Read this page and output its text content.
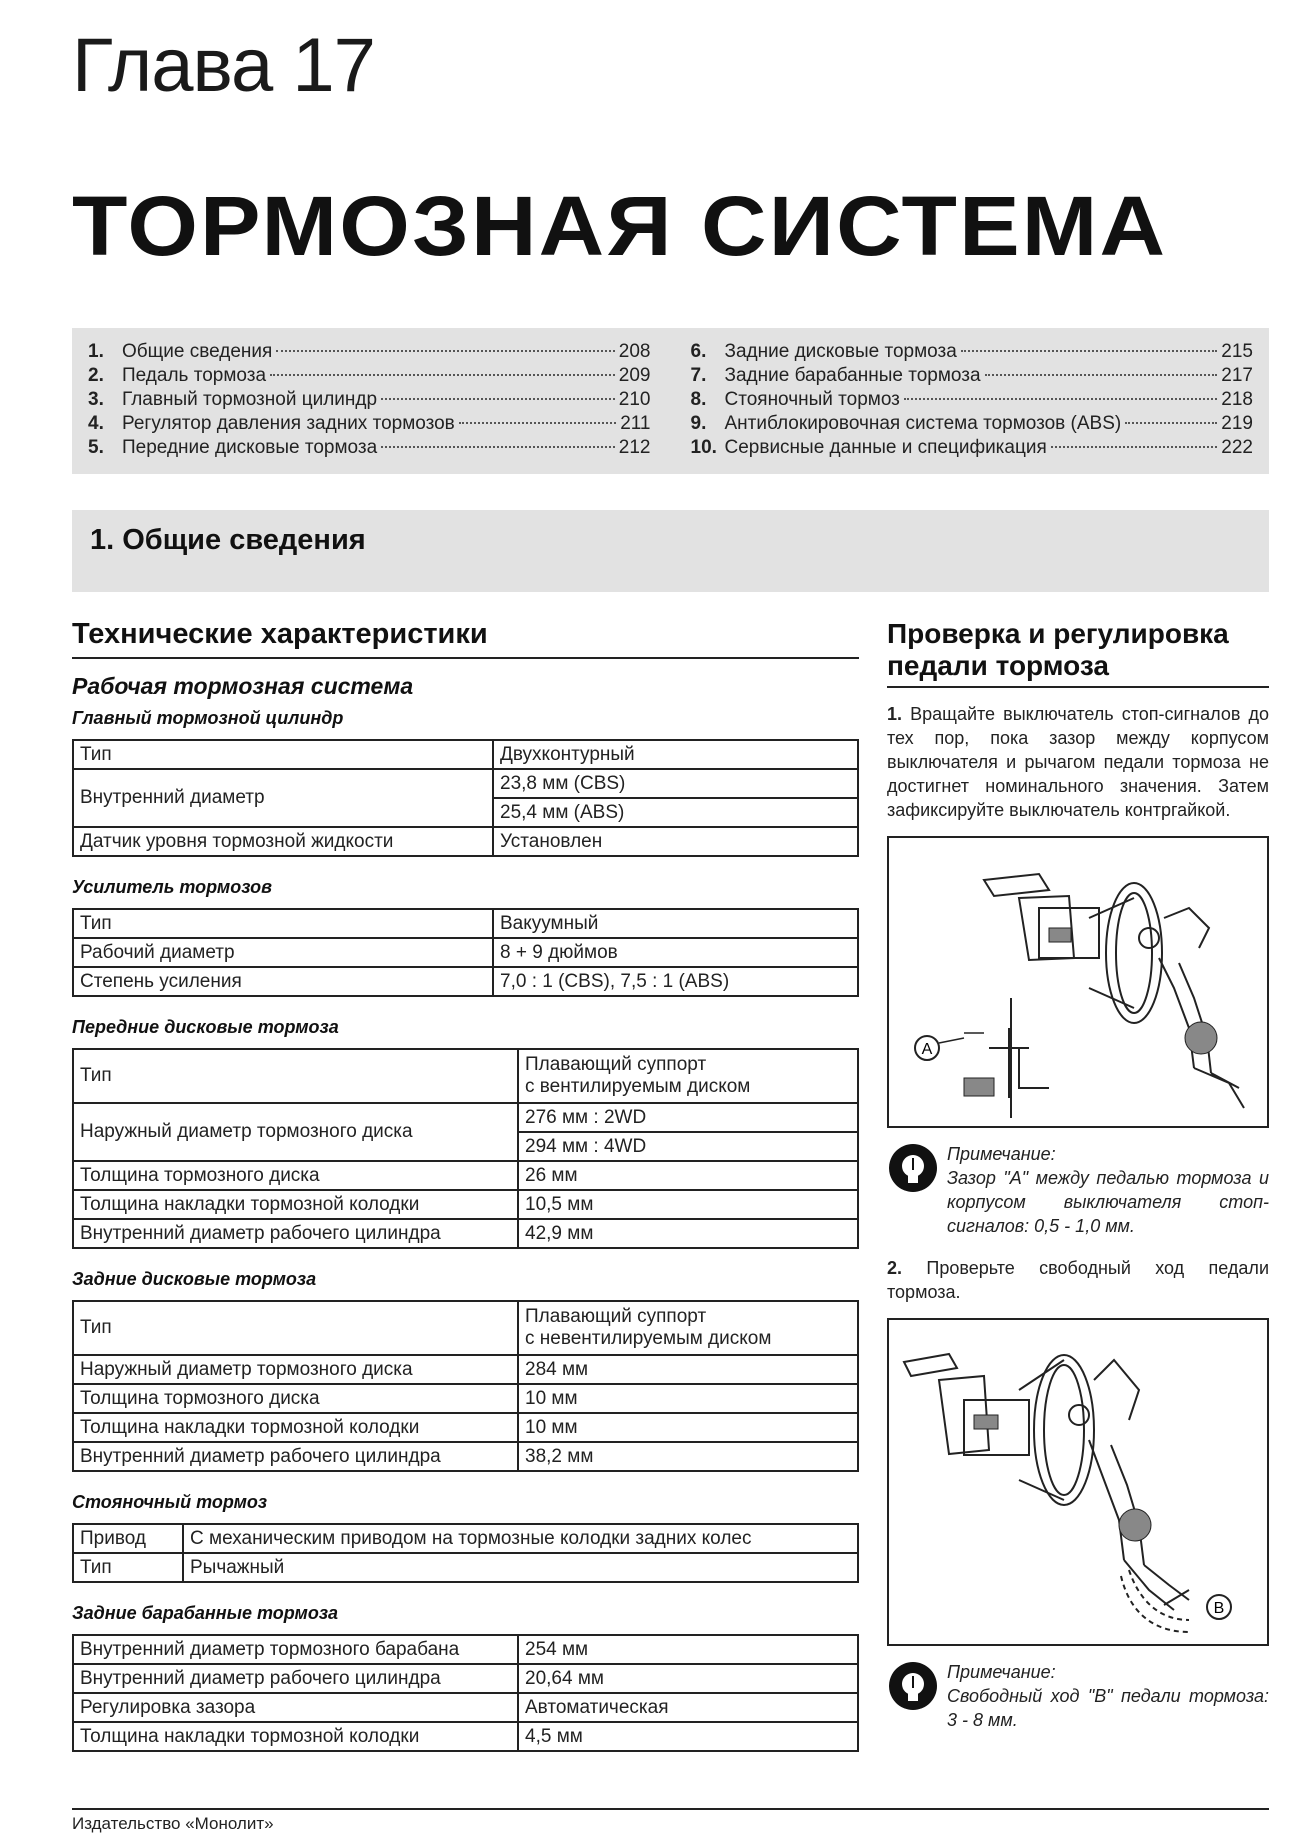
Глава 17
ТОРМОЗНАЯ СИСТЕМА
1. Общие сведения	208
2. Педаль тормоза	209
3. Главный тормозной цилиндр	210
4. Регулятор давления задних тормозов	211
5. Передние дисковые тормоза	212
6. Задние дисковые тормоза	215
7. Задние барабанные тормоза	217
8. Стояночный тормоз	218
9. Антиблокировочная система тормозов (ABS)	219
10. Сервисные данные и спецификация	222
1. Общие сведения
Технические характеристики
Рабочая тормозная система
Главный тормозной цилиндр
Тип	Двухконтурный
Внутренний диаметр	23,8 мм (CBS)
	25,4 мм (ABS)
Датчик уровня тормозной жидкости	Установлен
Усилитель тормозов
Тип	Вакуумный
Рабочий диаметр	8 + 9 дюймов
Степень усиления	7,0 : 1 (CBS), 7,5 : 1 (ABS)
Передние дисковые тормоза
Тип	Плавающий суппорт
с вентилируемым диском

Наружный диаметр тормозного диска	276 мм : 2WD
	294 мм : 4WD
Толщина тормозного диска	26 мм
Толщина накладки тормозной колодки	10,5 мм
Внутренний диаметр рабочего цилиндра	42,9 мм
Задние дисковые тормоза
Тип	Плавающий суппорт
с невентилируемым диском

Наружный диаметр тормозного диска	284 мм
Толщина тормозного диска	10 мм
Толщина накладки тормозной колодки	10 мм
Внутренний диаметр рабочего цилиндра	38,2 мм
Стояночный тормоз
Привод	С механическим приводом на тормозные колодки задних колес
Тип	Рычажный
Задние барабанные тормоза
Внутренний диаметр тормозного барабана	254 мм
Внутренний диаметр рабочего цилиндра	20,64 мм
Регулировка зазора	Автоматическая
Толщина накладки тормозной колодки	4,5 мм
Проверка и регулировка педали тормоза

1. Вращайте выключатель стоп-сигналов до тех пор, пока зазор между корпусом выключателя и рычагом педали тормоза не достигнет номинального значения. Затем зафиксируйте выключатель контргайкой.

A
Примечание:
Зазор "А" между педалью тормоза и корпусом выключателя стоп-сигналов: 0,5 - 1,0 мм.

2. Проверьте свободный ход педали тормоза.

B
Примечание:
Свободный ход "B" педали тормоза: 3 - 8 мм.
Издательство «Монолит»
